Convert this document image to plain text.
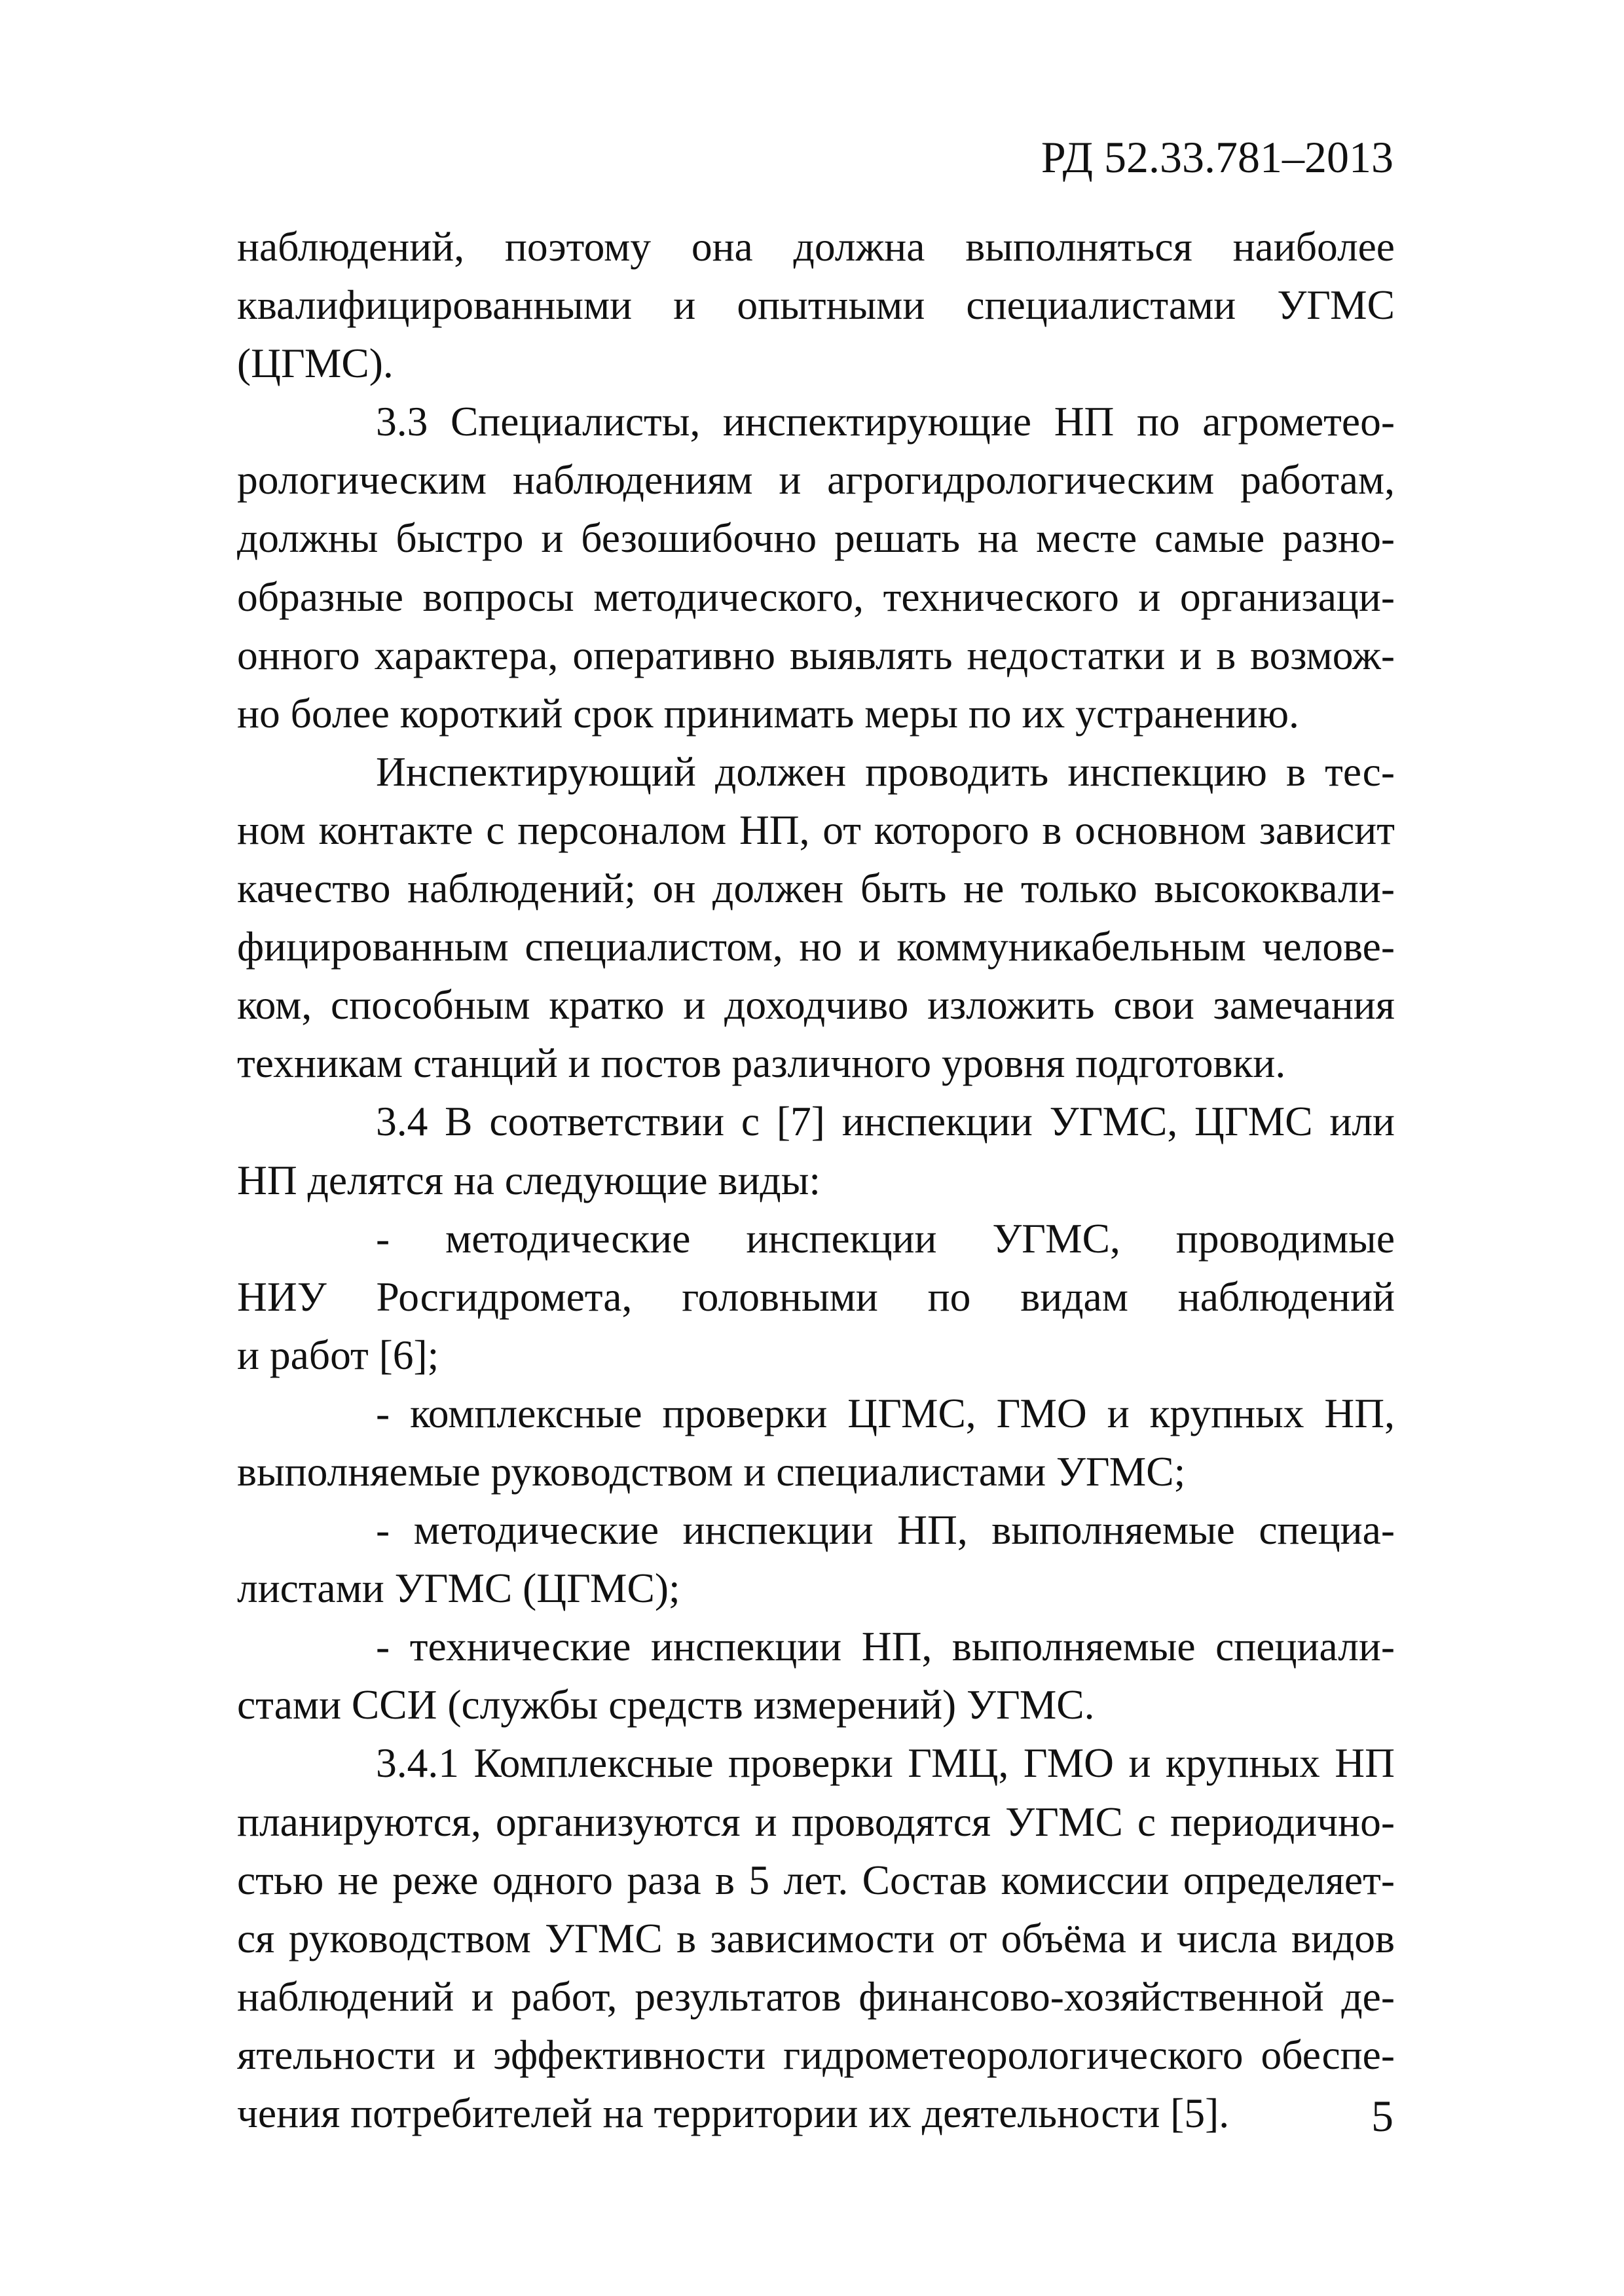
РД 52.33.781–2013
наблюдений, поэтому она должна выполняться наиболее
квалифицированными и опытными специалистами УГМС
(ЦГМС).
3.3 Специалисты, инспектирующие НП по агрометео-
рологическим наблюдениям и агрогидрологическим работам,
должны быстро и безошибочно решать на месте самые разно-
образные вопросы методического, технического и организаци-
онного характера, оперативно выявлять недостатки и в возмож-
но более короткий срок принимать меры по их устранению.
Инспектирующий должен проводить инспекцию в тес-
ном контакте с персоналом НП, от которого в основном зависит
качество наблюдений; он должен быть не только высококвали-
фицированным специалистом, но и коммуникабельным челове-
ком, способным кратко и доходчиво изложить свои замечания
техникам станций и постов различного уровня подготовки.
3.4 В соответствии с [7] инспекции УГМС, ЦГМС или
НП делятся на следующие виды:
- методические инспекции УГМС, проводимые
НИУ Росгидромета, головными по видам наблюдений
и работ [6];
- комплексные проверки ЦГМС, ГМО и крупных НП,
выполняемые руководством и специалистами УГМС;
- методические инспекции НП, выполняемые специа-
листами УГМС (ЦГМС);
- технические инспекции НП, выполняемые специали-
стами ССИ (службы средств измерений) УГМС.
3.4.1 Комплексные проверки ГМЦ, ГМО и крупных НП
планируются, организуются и проводятся УГМС с периодично-
стью не реже одного раза в 5 лет. Состав комиссии определяет-
ся руководством УГМС в зависимости от объёма и числа видов
наблюдений и работ, результатов финансово-хозяйственной де-
ятельности и эффективности гидрометеорологического обеспе-
чения потребителей на территории их деятельности [5].	5
